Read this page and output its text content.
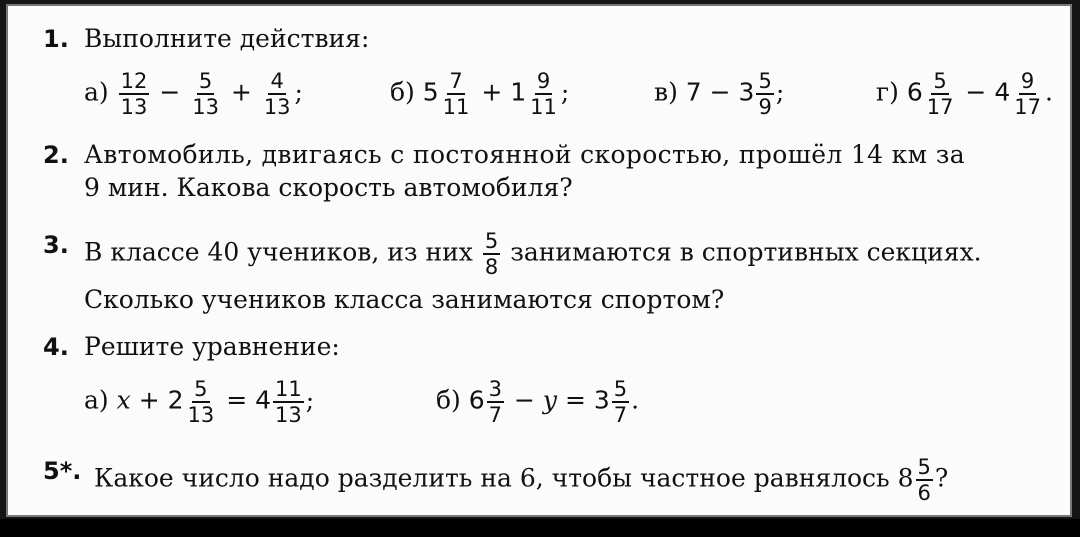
1. Выполните действия:
$а) \frac{12}{13} - \frac{5}{13} + \frac{4}{13}$ ;	б) $5 \frac{7}{11} + 1 \frac{9}{11}$ ;	в) $7 - 3 \frac{5}{9}$ ;	г) $6 \frac{5}{17} - 4 \frac{9}{17}$ .
2. Автомобиль, двигаясь с постоянной скоростью, прошёл 14 км за
9 мин. Какова скорость автомобиля?
3. В классе 40 учеников, из них $\frac{5}{8}$ занимаются в спортивных секциях.
Сколько учеников класса занимаются спортом?
4. Решите уравнение:
а) $x + 2 \frac{5}{13} = 4 \frac{11}{13}$ ;	б) $6 \frac{3}{7} - y = 3 \frac{5}{7}$ .
5*. Какое число надо разделить на 6, чтобы частное равнялось $8 \frac{5}{6}$ ?
